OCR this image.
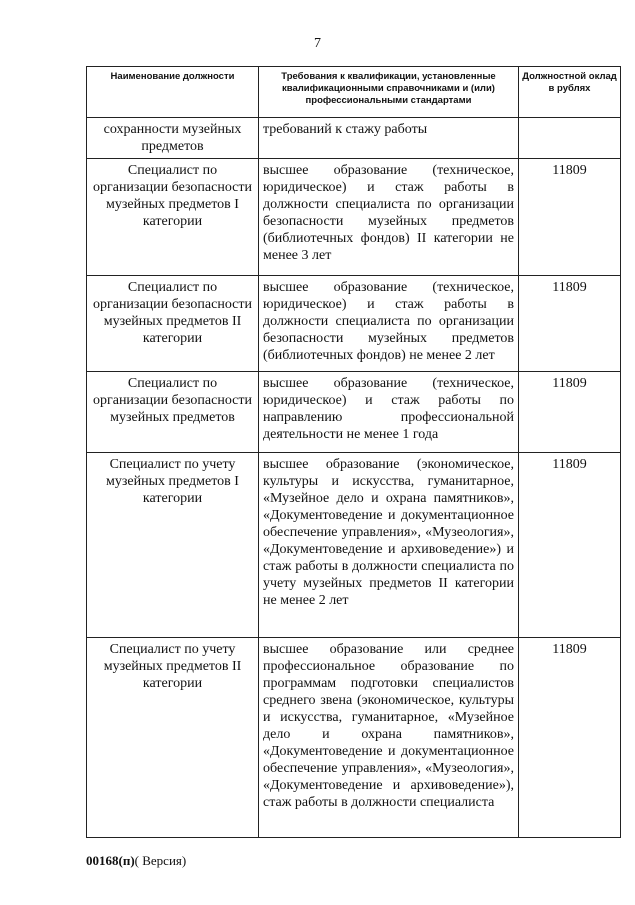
7
Наименование должности	Требования к квалификации, установленные квалификационными справочниками и (или) профессиональными стандартами	Должностной оклад в рублях
сохранности музейных предметов	требований к стажу работы	
Специалист по организации безопасности музейных предметов I категории	высшее образование (техническое, юридическое) и стаж работы в должности специалиста по организации безопасности музейных предметов (библиотечных фондов) II категории не менее 3 лет	11809
Специалист по организации безопасности музейных предметов II категории	высшее образование (техническое, юридическое) и стаж работы в должности специалиста по организации безопасности музейных предметов (библиотечных фондов) не менее 2 лет	11809
Специалист по организации безопасности музейных предметов	высшее образование (техническое, юридическое) и стаж работы по направлению профессиональной деятельности не менее 1 года	11809
Специалист по учету музейных предметов I категории	высшее образование (экономическое, культуры и искусства, гуманитарное, «Музейное дело и охрана памятников», «Документоведение и документационное обеспечение управления», «Музеология», «Документоведение и архивоведение») и стаж работы в должности специалиста по учету музейных предметов II категории не менее 2 лет	11809
Специалист по учету музейных предметов II категории	высшее образование или среднее профессиональное образование по программам подготовки специалистов среднего звена (экономическое, культуры и искусства, гуманитарное, «Музейное дело и охрана памятников», «Документоведение и документационное обеспечение управления», «Музеология», «Документоведение и архивоведение»), стаж работы в должности специалиста	11809
00168(п)( Версия)
